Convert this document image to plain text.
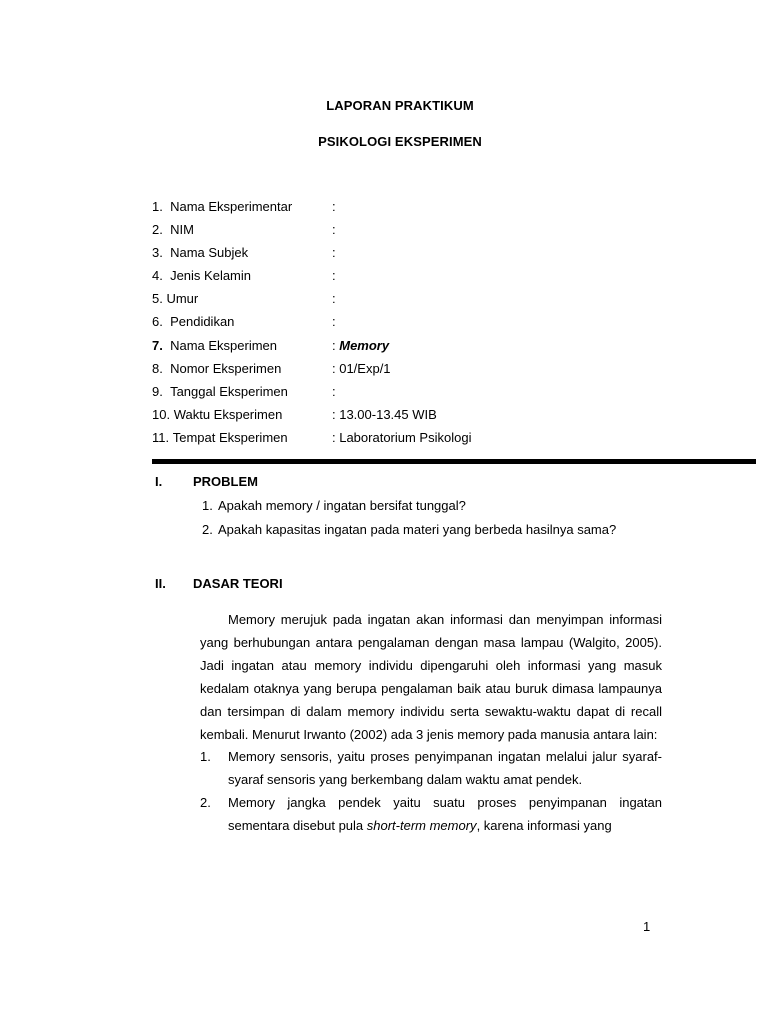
LAPORAN PRAKTIKUM
PSIKOLOGI EKSPERIMEN
1. Nama Eksperimentar	:
2. NIM	:
3. Nama Subjek	:
4. Jenis Kelamin	:
5. Umur	:
6. Pendidikan	:
7. Nama Eksperimen	: Memory
8. Nomor Eksperimen	: 01/Exp/1
9. Tanggal Eksperimen	:
10. Waktu Eksperimen	: 13.00-13.45 WIB
11. Tempat Eksperimen	: Laboratorium Psikologi
I. PROBLEM
1. Apakah memory / ingatan bersifat tunggal?
2. Apakah kapasitas ingatan pada materi yang berbeda hasilnya sama?
II. DASAR TEORI

Memory merujuk pada ingatan akan informasi dan menyimpan informasi yang berhubungan antara pengalaman dengan masa lampau (Walgito, 2005). Jadi ingatan atau memory individu dipengaruhi oleh informasi yang masuk kedalam otaknya yang berupa pengalaman baik atau buruk dimasa lampaunya dan tersimpan di dalam memory individu serta sewaktu-waktu dapat di recall kembali. Menurut Irwanto (2002) ada 3 jenis memory pada manusia antara lain:

1. Memory sensoris, yaitu proses penyimpanan ingatan melalui jalur syaraf-syaraf sensoris yang berkembang dalam waktu amat pendek.

2. Memory jangka pendek yaitu suatu proses penyimpanan ingatan sementara disebut pula short-term memory, karena informasi yang

1
